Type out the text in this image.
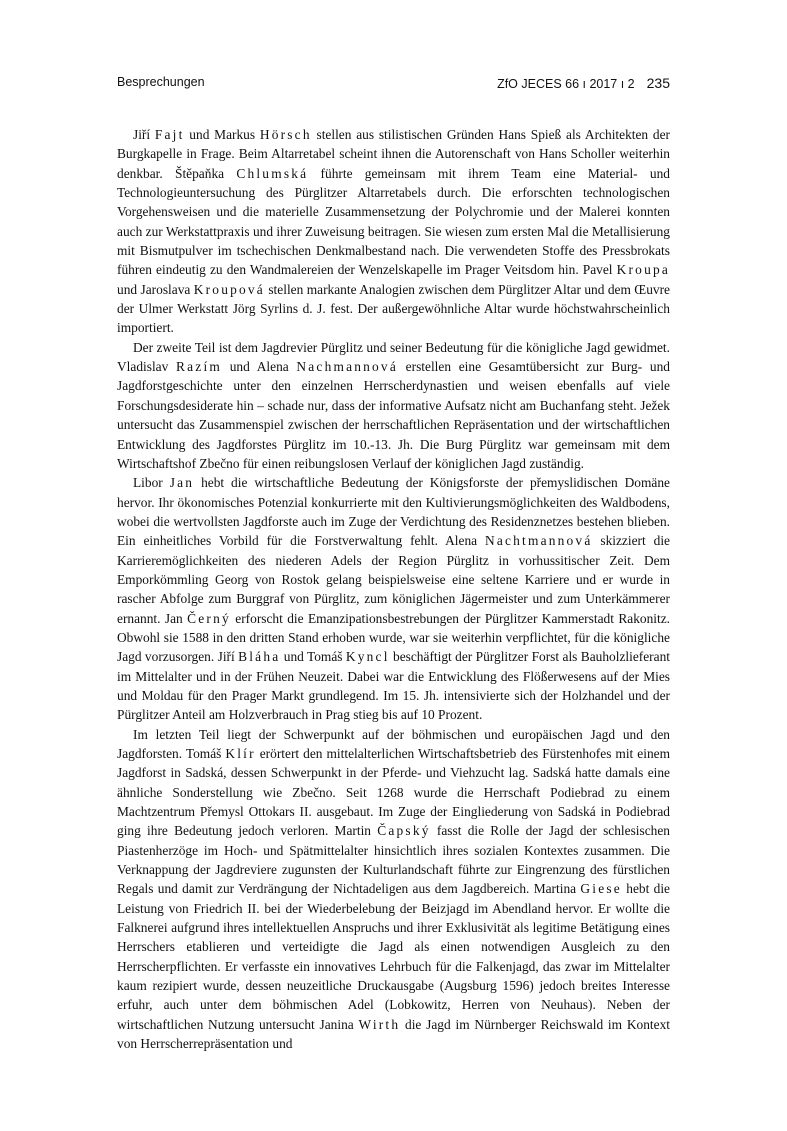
Besprechungen	ZfO JECES 66 ı 2017 ı 2 235

Jiří Fajt und Markus Hörsch stellen aus stilistischen Gründen Hans Spieß als Architekten der Burgkapelle in Frage. Beim Altarretabel scheint ihnen die Autorenschaft von Hans Scholler weiterhin denkbar. Štěpaňka Chlumská führte gemeinsam mit ihrem Team eine Material- und Technologieuntersuchung des Pürglitzer Altarretabels durch. Die erforschten technologischen Vorgehensweisen und die materielle Zusammensetzung der Polychromie und der Malerei konnten auch zur Werkstattpraxis und ihrer Zuweisung beitragen. Sie wiesen zum ersten Mal die Metallisierung mit Bismutpulver im tschechischen Denkmalbestand nach. Die verwendeten Stoffe des Pressbrokats führen eindeutig zu den Wandmalereien der Wenzelskapelle im Prager Veitsdom hin. Pavel Kroupa und Jaroslava Kroupová stellen markante Analogien zwischen dem Pürglitzer Altar und dem Œuvre der Ulmer Werkstatt Jörg Syrlins d. J. fest. Der außergewöhnliche Altar wurde höchstwahrscheinlich importiert.

Der zweite Teil ist dem Jagdrevier Pürglitz und seiner Bedeutung für die königliche Jagd gewidmet. Vladislav Razím und Alena Nachmannová erstellen eine Gesamtübersicht zur Burg- und Jagdforstgeschichte unter den einzelnen Herrscherdynastien und weisen ebenfalls auf viele Forschungsdesiderate hin – schade nur, dass der informative Aufsatz nicht am Buchanfang steht. Ježek untersucht das Zusammenspiel zwischen der herrschaftlichen Repräsentation und der wirtschaftlichen Entwicklung des Jagdforstes Pürglitz im 10.-13. Jh. Die Burg Pürglitz war gemeinsam mit dem Wirtschaftshof Zbečno für einen reibungslosen Verlauf der königlichen Jagd zuständig.

Libor Jan hebt die wirtschaftliche Bedeutung der Königsforste der přemyslidischen Domäne hervor. Ihr ökonomisches Potenzial konkurrierte mit den Kultivierungsmöglichkeiten des Waldbodens, wobei die wertvollsten Jagdforste auch im Zuge der Verdichtung des Residenznetzes bestehen blieben. Ein einheitliches Vorbild für die Forstverwaltung fehlt. Alena Nachtmannová skizziert die Karrieremöglichkeiten des niederen Adels der Region Pürglitz in vorhussitischer Zeit. Dem Emporkömmling Georg von Rostok gelang beispielsweise eine seltene Karriere und er wurde in rascher Abfolge zum Burggraf von Pürglitz, zum königlichen Jägermeister und zum Unterkämmerer ernannt. Jan Černý erforscht die Emanzipationsbestrebungen der Pürglitzer Kammerstadt Rakonitz. Obwohl sie 1588 in den dritten Stand erhoben wurde, war sie weiterhin verpflichtet, für die königliche Jagd vorzusorgen. Jiří Bláha und Tomáš Kyncl beschäftigt der Pürglitzer Forst als Bauholzlieferant im Mittelalter und in der Frühen Neuzeit. Dabei war die Entwicklung des Flößerwesens auf der Mies und Moldau für den Prager Markt grundlegend. Im 15. Jh. intensivierte sich der Holzhandel und der Pürglitzer Anteil am Holzverbrauch in Prag stieg bis auf 10 Prozent.

Im letzten Teil liegt der Schwerpunkt auf der böhmischen und europäischen Jagd und den Jagdforsten. Tomáš Klír erörtert den mittelalterlichen Wirtschaftsbetrieb des Fürstenhofes mit einem Jagdforst in Sadská, dessen Schwerpunkt in der Pferde- und Viehzucht lag. Sadská hatte damals eine ähnliche Sonderstellung wie Zbečno. Seit 1268 wurde die Herrschaft Podiebrad zu einem Machtzentrum Přemysl Ottokars II. ausgebaut. Im Zuge der Eingliederung von Sadská in Podiebrad ging ihre Bedeutung jedoch verloren. Martin Čapský fasst die Rolle der Jagd der schlesischen Piastenherzöge im Hoch- und Spätmittelalter hinsichtlich ihres sozialen Kontextes zusammen. Die Verknappung der Jagdreviere zugunsten der Kulturlandschaft führte zur Eingrenzung des fürstlichen Regals und damit zur Verdrängung der Nichtadeligen aus dem Jagdbereich. Martina Giese hebt die Leistung von Friedrich II. bei der Wiederbelebung der Beizjagd im Abendland hervor. Er wollte die Falknerei aufgrund ihres intellektuellen Anspruchs und ihrer Exklusivität als legitime Betätigung eines Herrschers etablieren und verteidigte die Jagd als einen notwendigen Ausgleich zu den Herrscherpflichten. Er verfasste ein innovatives Lehrbuch für die Falkenjagd, das zwar im Mittelalter kaum rezipiert wurde, dessen neuzeitliche Druckausgabe (Augsburg 1596) jedoch breites Interesse erfuhr, auch unter dem böhmischen Adel (Lobkowitz, Herren von Neuhaus). Neben der wirtschaftlichen Nutzung untersucht Janina Wirth die Jagd im Nürnberger Reichswald im Kontext von Herrscherrepräsentation und
